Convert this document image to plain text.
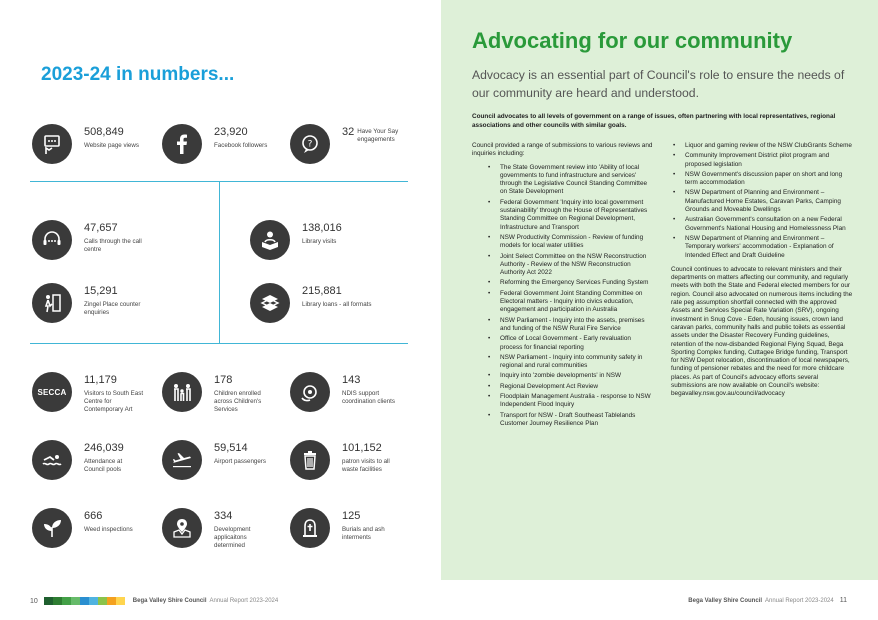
2023-24 in numbers...
508,849
Website page views
23,920
Facebook followers	?
32 Have Your Say engagements
47,657
Calls through the call centre
138,016
Library visits
15,291
Zingel Place counter enquiries
215,881
Library loans - all formats
SECCA
11,179
Visitors to South East Centre for Contemporary Art
178
Children enrolled across Children's Services
143
NDIS support coordination clients
246,039
Attendance at Council pools
59,514
Airport passengers
101,152
patron visits to all waste facilities
666
Weed inspections
334
Development applicaitons determined
125
Burials and ash interments
10	Bega Valley Shire Council Annual Report 2023-2024
Advocating for our community
Advocacy is an essential part of Council's role to ensure the needs of our community are heard and understood.
Council advocates to all levels of government on a range of issues, often partnering with local representatives, regional associations and other councils with similar goals.

Council provided a range of submissions to various reviews and inquiries including:

• The State Government review into 'Ability of local governments to fund infrastructure and services' through the Legislative Council Standing Committee on State Development
• Federal Government 'Inquiry into local government sustainability' through the House of Representatives Standing Committee on Regional Development, Infrastructure and Transport
• NSW Productivity Commission - Review of funding models for local water utilities
• Joint Select Committee on the NSW Reconstruction Authority - Review of the NSW Reconstruction Authority Act 2022
• Reforming the Emergency Services Funding System
• Federal Government Joint Standing Committee on Electoral matters - Inquiry into civics education, engagement and participation in Australia
• NSW Parliament - Inquiry into the assets, premises and funding of the NSW Rural Fire Service
• Office of Local Government - Early revaluation process for financial reporting
• NSW Parliament - Inquiry into community safety in regional and rural communities
• Inquiry into 'zombie developments' in NSW
• Regional Development Act Review
• Floodplain Management Australia - response to NSW Independent Flood Inquiry
• Transport for NSW - Draft Southeast Tablelands Customer Journey Resilience Plan
• Liquor and gaming review of the NSW ClubGrants Scheme
• Community Improvement District pilot program and proposed legislation
• NSW Government's discussion paper on short and long term accommodation
• NSW Department of Planning and Environment – Manufactured Home Estates, Caravan Parks, Camping Grounds and Moveable Dwellings
• Australian Government's consultation on a new Federal Government's National Housing and Homelessness Plan
• NSW Department of Planning and Environment –Temporary workers' accommodation - Explanation of Intended Effect and Draft Guideline

Council continues to advocate to relevant ministers and their departments on matters affecting our community, and regularly meets with both the State and Federal elected members for our region. Council also advocated on numerous items including the rate peg assumption shortfall connected with the approved Assets and Services Special Rate Variation (SRV), ongoing investment in Snug Cove - Eden, housing issues, crown land caravan parks, community halls and public toilets as essential assets under the Disaster Recovery Funding guidelines, retention of the now-disbanded Regional Flying Squad, Bega Sporting Complex funding, Cuttagee Bridge funding, Transport for NSW Depot relocation, discontinuation of local newspapers, funding of pensioner rebates and the need for more childcare places. As part of Council's advocacy efforts several submissions are now available on Council's website: begavalley.nsw.gov.au/council/advocacy

Bega Valley Shire Council Annual Report 2023-2024 11
